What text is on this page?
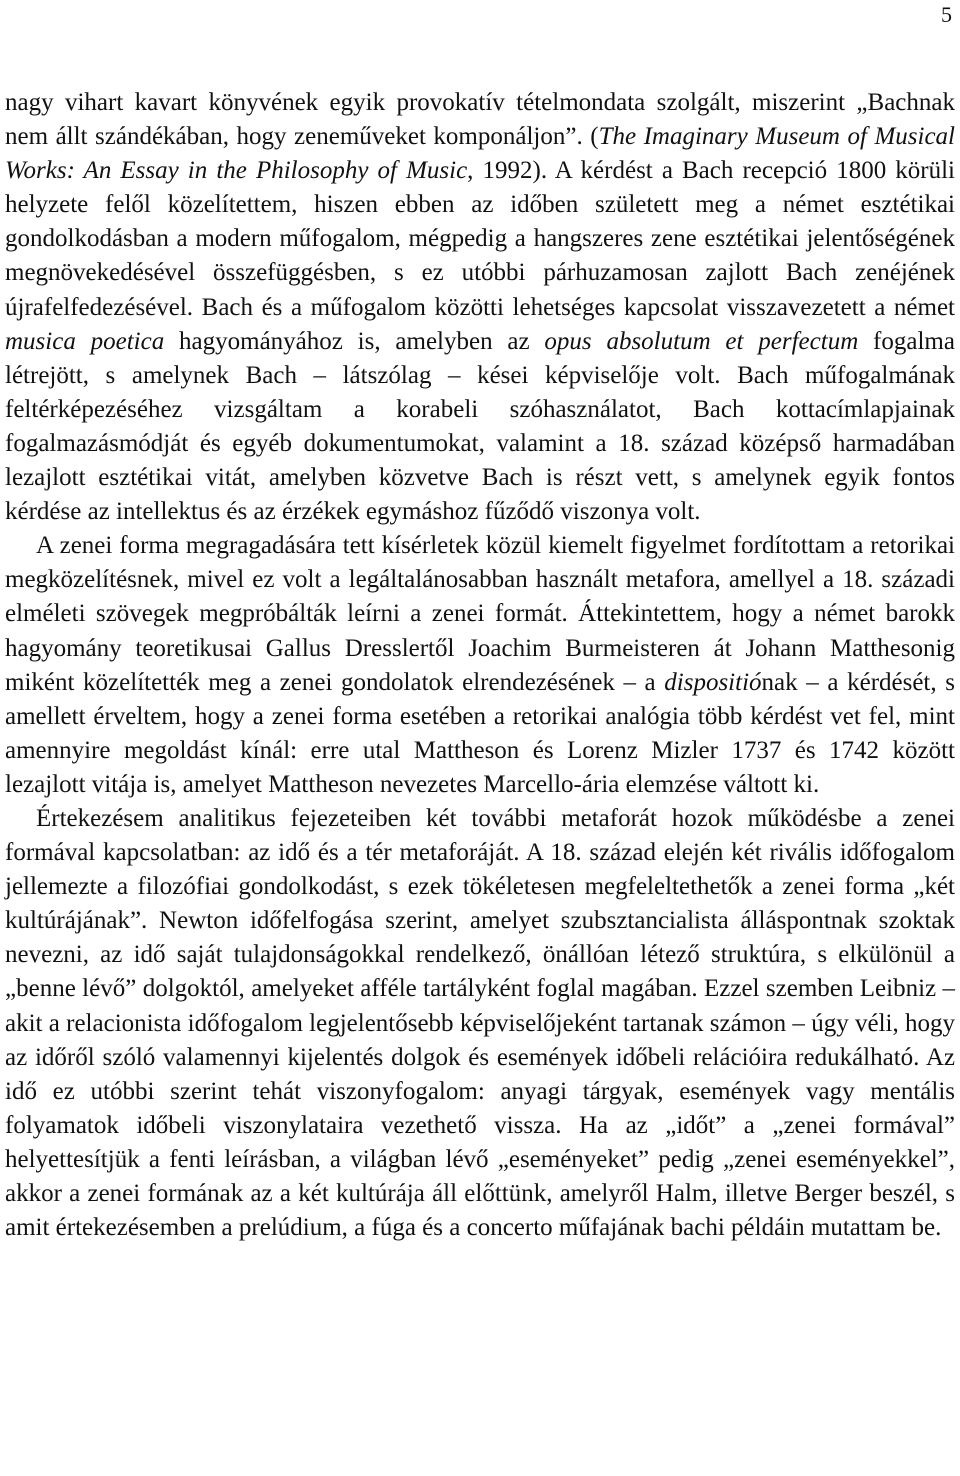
5

nagy vihart kavart könyvének egyik provokatív tételmondata szolgált, miszerint „Bachnak nem állt szándékában, hogy zeneműveket komponáljon”. (The Imaginary Museum of Musical Works: An Essay in the Philosophy of Music, 1992). A kérdést a Bach recepció 1800 körüli helyzete felől közelítettem, hiszen ebben az időben született meg a német esztétikai gondolkodásban a modern műfogalom, mégpedig a hangszeres zene esztétikai jelentőségének megnövekedésével összefüggésben, s ez utóbbi párhuzamosan zajlott Bach zenéjének újrafelfedezésével. Bach és a műfogalom közötti lehetséges kapcsolat visszavezetett a német musica poetica hagyományához is, amelyben az opus absolutum et perfectum fogalma létrejött, s amelynek Bach – látszólag – kései képviselője volt. Bach műfogalmának feltérképezéséhez vizsgáltam a korabeli szóhasználatot, Bach kottacímlapjainak fogalmazásmódját és egyéb dokumentumokat, valamint a 18. század középső harmadában lezajlott esztétikai vitát, amelyben közvetve Bach is részt vett, s amelynek egyik fontos kérdése az intellektus és az érzékek egymáshoz fűződő viszonya volt.

A zenei forma megragadására tett kísérletek közül kiemelt figyelmet fordítottam a retorikai megközelítésnek, mivel ez volt a legáltalánosabban használt metafora, amellyel a 18. századi elméleti szövegek megpróbálták leírni a zenei formát. Áttekintettem, hogy a német barokk hagyomány teoretikusai Gallus Dresslertől Joachim Burmeisteren át Johann Matthesonig miként közelítették meg a zenei gondolatok elrendezésének – a dispositiónak – a kérdését, s amellett érveltem, hogy a zenei forma esetében a retorikai analógia több kérdést vet fel, mint amennyire megoldást kínál: erre utal Mattheson és Lorenz Mizler 1737 és 1742 között lezajlott vitája is, amelyet Mattheson nevezetes Marcello-ária elemzése váltott ki.

Értekezésem analitikus fejezeteiben két további metaforát hozok működésbe a zenei formával kapcsolatban: az idő és a tér metaforáját. A 18. század elején két rivális időfogalom jellemezte a filozófiai gondolkodást, s ezek tökéletesen megfeleltethetők a zenei forma „két kultúrájának”. Newton időfelfogása szerint, amelyet szubsztancialista álláspontnak szoktak nevezni, az idő saját tulajdonságokkal rendelkező, önállóan létező struktúra, s elkülönül a „benne lévő” dolgoktól, amelyeket afféle tartályként foglal magában. Ezzel szemben Leibniz – akit a relacionista időfogalom legjelentősebb képviselőjeként tartanak számon – úgy véli, hogy az időről szóló valamennyi kijelentés dolgok és események időbeli relációira redukálható. Az idő ez utóbbi szerint tehát viszonyfogalom: anyagi tárgyak, események vagy mentális folyamatok időbeli viszonylataira vezethető vissza. Ha az „időt” a „zenei formával” helyettesítjük a fenti leírásban, a világban lévő „eseményeket” pedig „zenei eseményekkel”, akkor a zenei formának az a két kultúrája áll előttünk, amelyről Halm, illetve Berger beszél, s amit értekezésemben a prelúdium, a fúga és a concerto műfajának bachi példáin mutattam be.
